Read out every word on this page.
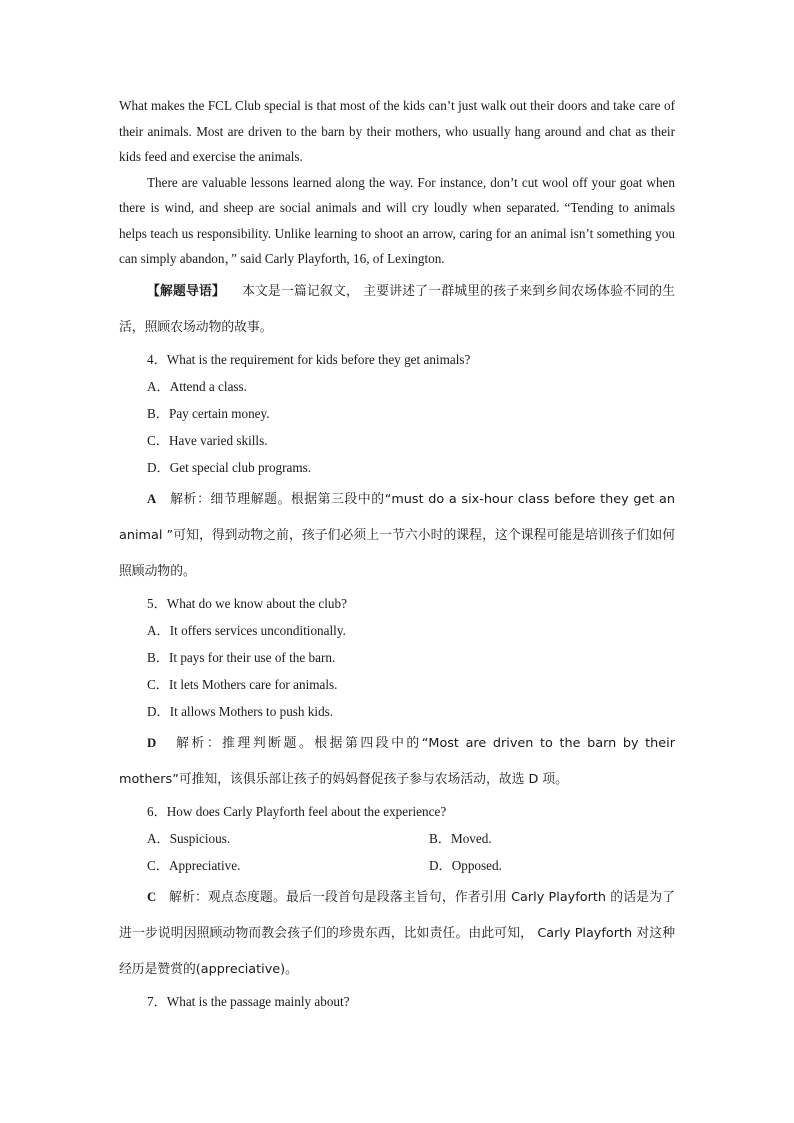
What makes the FCL Club special is that most of the kids can’t just walk out their doors and take care of their animals. Most are driven to the barn by their mothers, who usually hang around and chat as their kids feed and exercise the animals.

There are valuable lessons learned along the way. For instance, don’t cut wool off your goat when there is wind, and sheep are social animals and will cry loudly when separated. “Tending to animals helps teach us responsibility. Unlike learning to shoot an arrow, caring for an animal isn’t something you can simply abandon，” said Carly Playforth, 16, of Lexington.

【解题导语】 本文是一篇记叙文， 主要讲述了一群城里的孩子来到乡间农场体验不同的生活，照顾农场动物的故事。

4．What is the requirement for kids before they get animals?

A．Attend a class.

B．Pay certain money.

C．Have varied skills.

D．Get special club programs.

A 解析：细节理解题。根据第三段中的“must do a six-hour class before they get an animal ”可知，得到动物之前，孩子们必须上一节六小时的课程，这个课程可能是培训孩子们如何照顾动物的。

5．What do we know about the club?

A．It offers services unconditionally.

B．It pays for their use of the barn.

C．It lets Mothers care for animals.

D．It allows Mothers to push kids.

D 解析：推理判断题。根据第四段中的“Most are driven to the barn by their mothers”可推知，该俱乐部让孩子的妈妈督促孩子参与农场活动，故选 D 项。

6．How does Carly Playforth feel about the experience?

A．Suspicious.	B．Moved.
C．Appreciative.	D．Opposed.

C 解析：观点态度题。最后一段首句是段落主旨句，作者引用 Carly Playforth 的话是为了进一步说明因照顾动物而教会孩子们的珍贵东西，比如责任。由此可知， Carly Playforth 对这种经历是赞赏的(appreciative)。

7．What is the passage mainly about?
